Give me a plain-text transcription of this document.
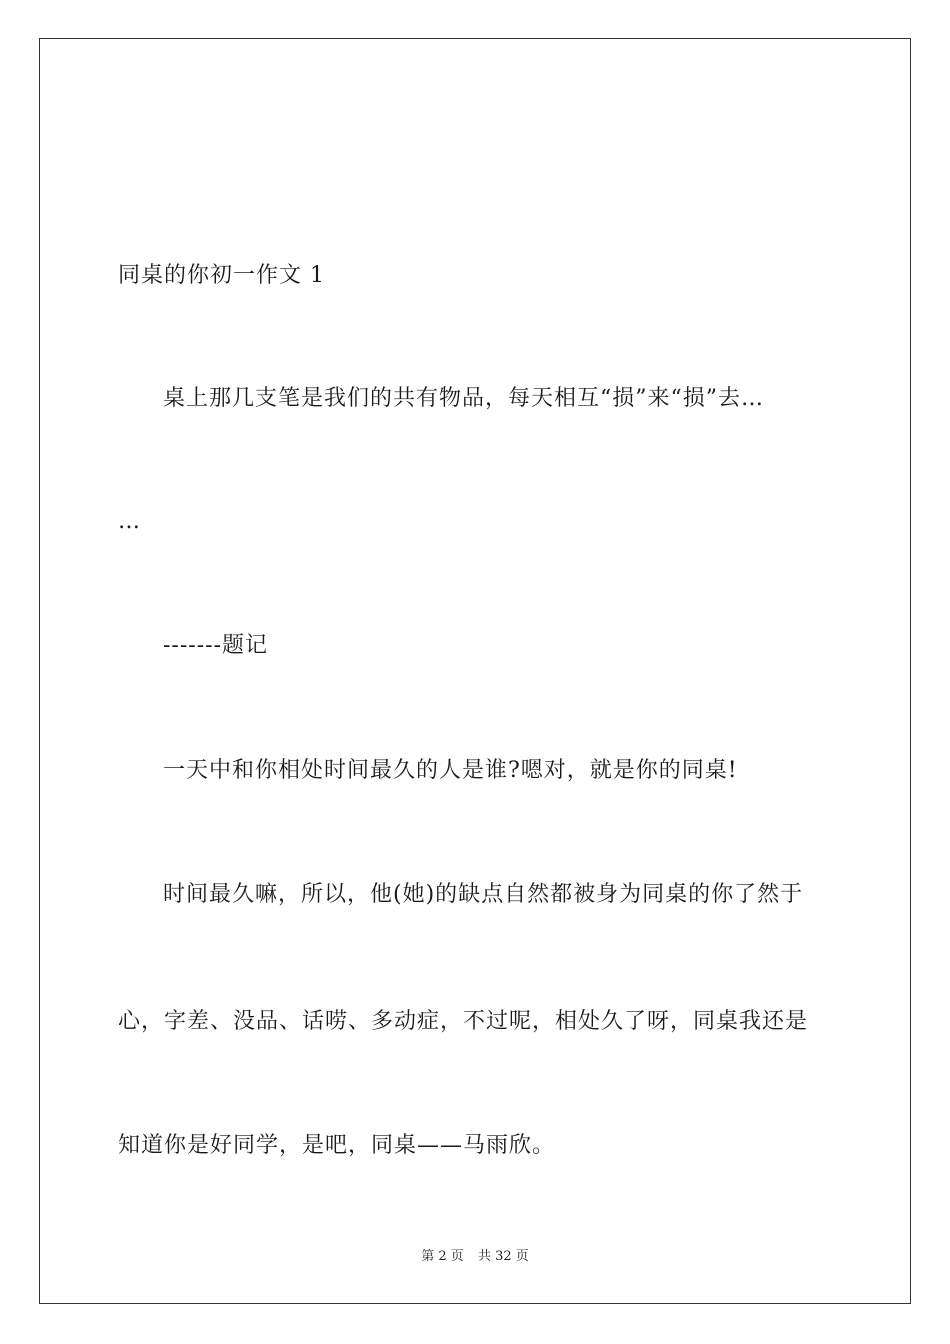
同桌的你初一作文 1
桌上那几支笔是我们的共有物品，每天相互“损”来“损”去…
…
-------题记
一天中和你相处时间最久的人是谁?嗯对，就是你的同桌!
时间最久嘛，所以，他(她)的缺点自然都被身为同桌的你了然于
心，字差、没品、话唠、多动症，不过呢，相处久了呀，同桌我还是
知道你是好同学，是吧，同桌——马雨欣。
第 2 页 共 32 页
